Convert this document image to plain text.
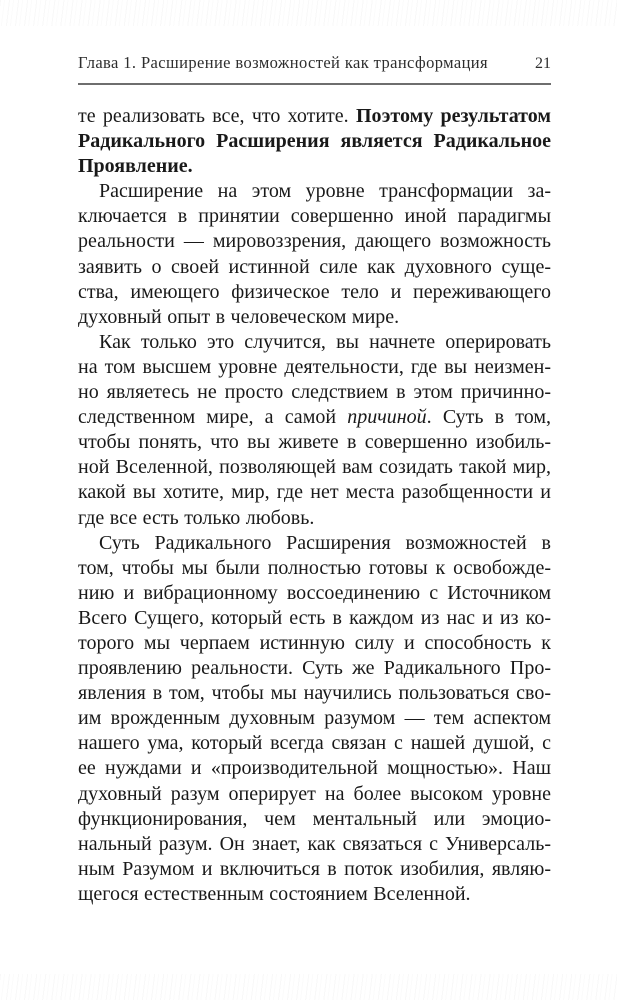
Глава 1. Расширение возможностей как трансформация	21
те реализовать все, что хотите. Поэтому результатом
Радикального Расширения является Радикальное
Проявление.
Расширение на этом уровне трансформации за-
ключается в принятии совершенно иной парадигмы
реальности — мировоззрения, дающего возможность
заявить о своей истинной силе как духовного суще-
ства, имеющего физическое тело и переживающего
духовный опыт в человеческом мире.
Как только это случится, вы начнете оперировать
на том высшем уровне деятельности, где вы неизмен-
но являетесь не просто следствием в этом причинно-
следственном мире, а самой причиной. Суть в том,
чтобы понять, что вы живете в совершенно изобиль-
ной Вселенной, позволяющей вам созидать такой мир,
какой вы хотите, мир, где нет места разобщенности и
где все есть только любовь.
Суть Радикального Расширения возможностей в
том, чтобы мы были полностью готовы к освобожде-
нию и вибрационному воссоединению с Источником
Всего Сущего, который есть в каждом из нас и из ко-
торого мы черпаем истинную силу и способность к
проявлению реальности. Суть же Радикального Про-
явления в том, чтобы мы научились пользоваться сво-
им врожденным духовным разумом — тем аспектом
нашего ума, который всегда связан с нашей душой, с
ее нуждами и «производительной мощностью». Наш
духовный разум оперирует на более высоком уровне
функционирования, чем ментальный или эмоцио-
нальный разум. Он знает, как связаться с Универсаль-
ным Разумом и включиться в поток изобилия, являю-
щегося естественным состоянием Вселенной.
